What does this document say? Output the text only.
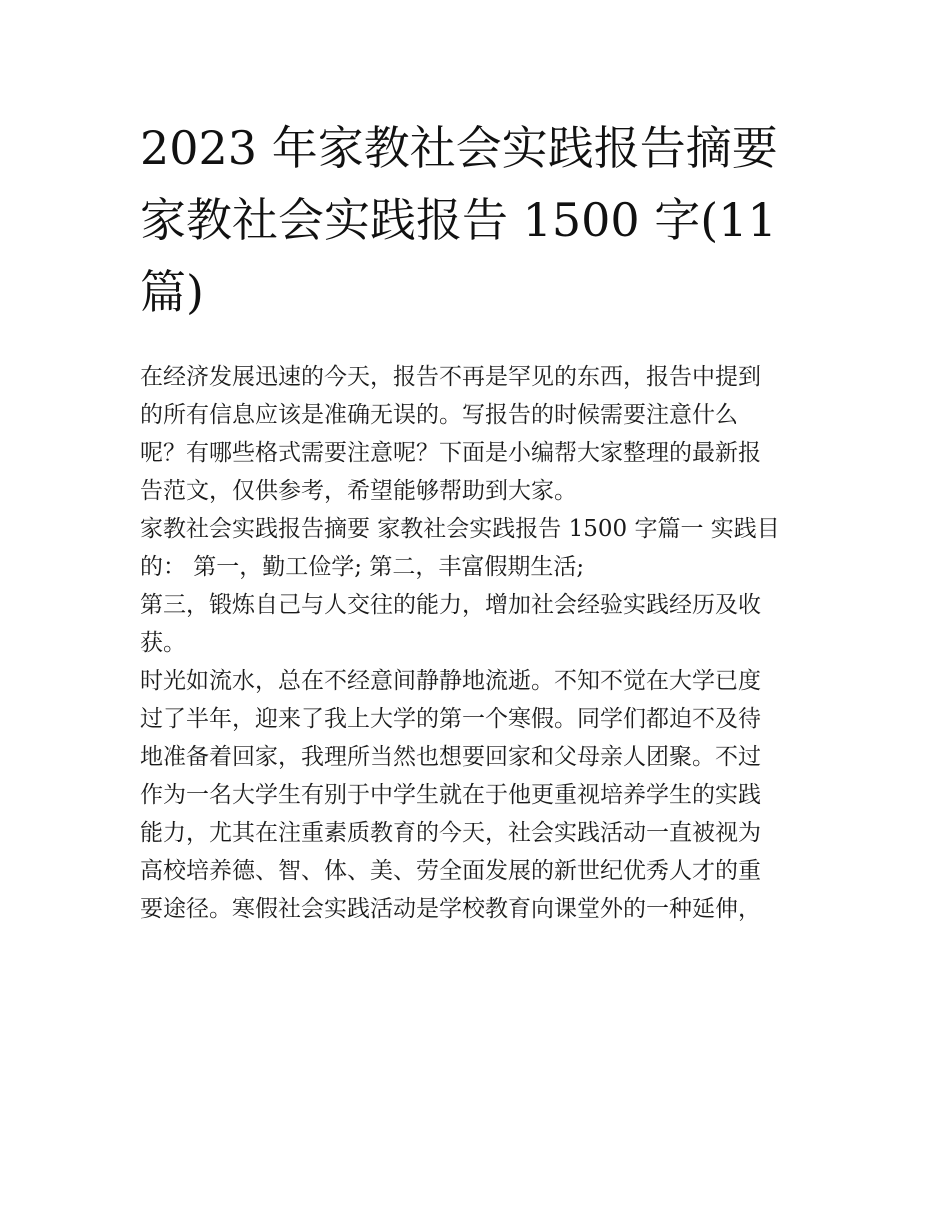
2023 年家教社会实践报告摘要
家教社会实践报告 1500 字(11
篇)
在经济发展迅速的今天，报告不再是罕见的东西，报告中提到
的所有信息应该是准确无误的。写报告的时候需要注意什么
呢？有哪些格式需要注意呢？下面是小编帮大家整理的最新报
告范文，仅供参考，希望能够帮助到大家。
家教社会实践报告摘要 家教社会实践报告 1500 字篇一 实践目
的： 第一，勤工俭学; 第二，丰富假期生活;
第三，锻炼自己与人交往的能力，增加社会经验实践经历及收
获。
时光如流水，总在不经意间静静地流逝。不知不觉在大学已度
过了半年，迎来了我上大学的第一个寒假。同学们都迫不及待
地准备着回家，我理所当然也想要回家和父母亲人团聚。不过
作为一名大学生有别于中学生就在于他更重视培养学生的实践
能力，尤其在注重素质教育的今天，社会实践活动一直被视为
高校培养德、智、体、美、劳全面发展的新世纪优秀人才的重
要途径。寒假社会实践活动是学校教育向课堂外的一种延伸，
